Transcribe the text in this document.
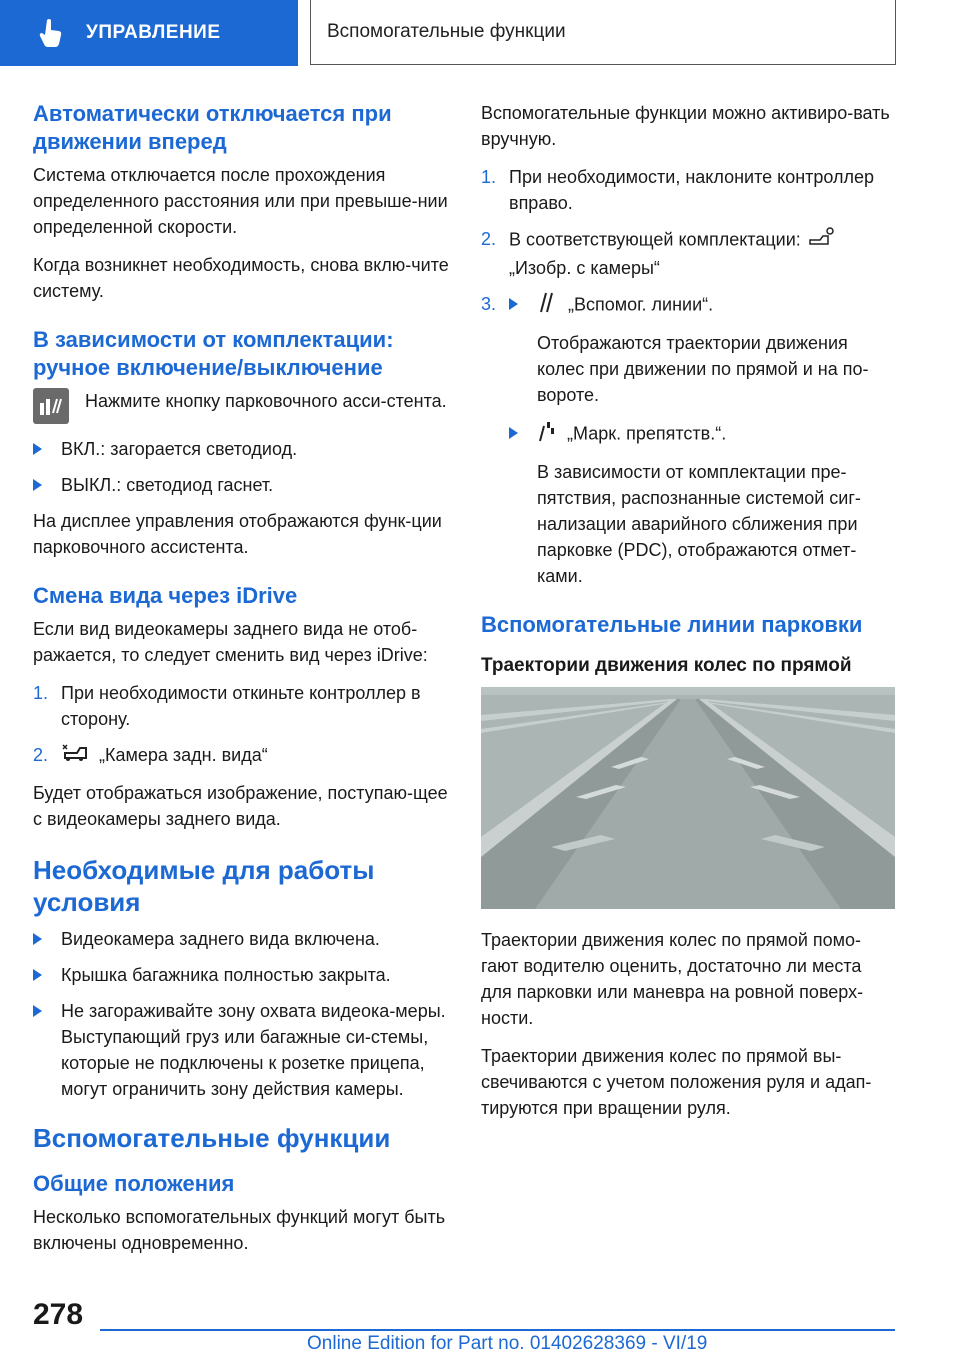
УПРАВЛЕНИЕ	Вспомогательные функции
Автоматически отключается при движении вперед

Система отключается после прохождения определенного расстояния или при превыше-нии определенной скорости.

Когда возникнет необходимость, снова вклю-чите систему.

В зависимости от комплектации: ручное включение/выключение

Нажмите кнопку парковочного асси-стента.

ВКЛ.: загорается светодиод.
ВЫКЛ.: светодиод гаснет.

На дисплее управления отображаются функ-ции парковочного ассистента.

Смена вида через iDrive

Если вид видеокамеры заднего вида не отоб-ражается, то следует сменить вид через iDrive:

1. При необходимости откиньте контроллер в сторону.
2.	„Камера задн. вида“

Будет отображаться изображение, поступаю-щее с видеокамеры заднего вида.

Необходимые для работы условия
Видеокамера заднего вида включена.
Крышка багажника полностью закрыта.
Не загораживайте зону охвата видеока-меры. Выступающий груз или багажные си-стемы, которые не подключены к розетке прицепа, могут ограничить зону действия камеры.
Вспомогательные функции
Общие положения

Несколько вспомогательных функций могут быть включены одновременно.

Вспомогательные функции можно активиро-вать вручную.

1. При необходимости, наклоните контроллер вправо.
2. В соответствующей комплектации:
„Изобр. с камеры“
3.	„Вспомог. линии“.

Отображаются траектории движения колес при движении по прямой и на по-вороте.

„Марк. препятств.“.

В зависимости от комплектации пре-пятствия, распознанные системой сиг-нализации аварийного сближения при парковке (PDC), отображаются отмет-ками.

Вспомогательные линии парковки
Траектории движения колес по прямой

Траектории движения колес по прямой помо-гают водителю оценить, достаточно ли места для парковки или маневра на ровной поверх-ности.

Траектории движения колес по прямой вы-свечиваются с учетом положения руля и адап-тируются при вращении руля.

278
Online Edition for Part no. 01402628369 - VI/19
